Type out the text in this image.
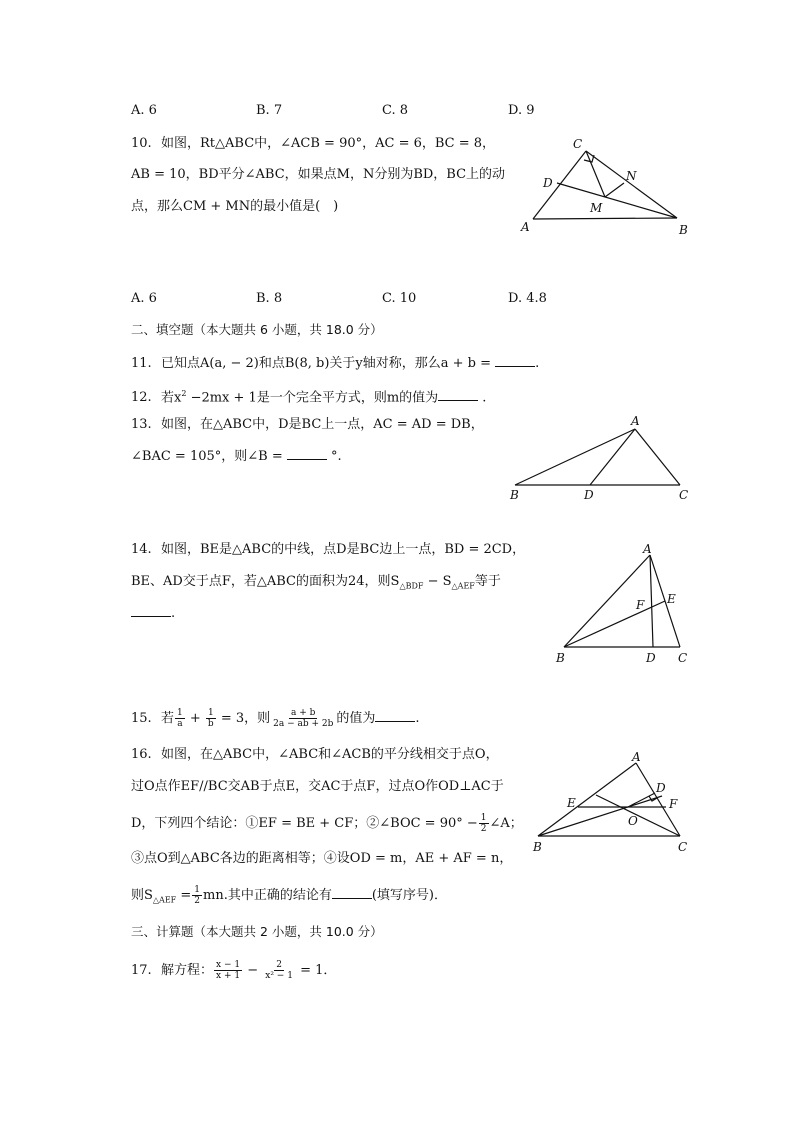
A. 6	B. 7	C. 8	D. 9
10. 如图，Rt△ABC中，∠ACB = 90°，AC = 6，BC = 8，
AB = 10，BD平分∠ABC，如果点M，N分别为BD，BC上的动
点，那么CM + MN的最小值是(　)
C
D	N
M
A	B
A. 6	B. 8	C. 10	D. 4.8
二、填空题（本大题共 6 小题，共 18.0 分）
11. 已知点A(a, − 2)和点B(8, b)关于y轴对称，那么a + b =	.
12. 若$x^2 -2mx + 1$是一个完全平方式，则m的值为	.
13. 如图，在△ABC中，D是BC上一点，AC = AD = DB，
∠BAC = 105°，则∠B =	°.
A
B	D	C
14. 如图，BE是△ABC的中线，点D是BC边上一点，BD = 2CD，
BE、AD交于点F，若△ABC的面积为24，则$S_{\triangle BDF} - S_{\triangle AEF}$等于
.
A
E
F
B	D C
15. 若 $\frac{1}{a} + \frac{1}{b} = 3$，则 $\frac{a + b}{2a - ab + 2b}$ 的值为	.
16. 如图，在△ABC中，∠ABC和∠ACB的平分线相交于点O，
过O点作EF//BC交AB于点E，交AC于点F，过点O作OD⊥AC于
D，下列四个结论：①EF = BE + CF；②∠BOC = $90^\circ - \frac{1}{2}$ ∠A；
③点O到△ABC各边的距离相等；④设OD = m，AE + AF = n，
则$S_{\triangle AEF} = \frac{1}{2}$ mn.其中正确的结论有	(填写序号)．
A
D
E	F
O
B	C
三、计算题（本大题共 2 小题，共 10.0 分）
17. 解方程： $\frac{x - 1}{x + 1} - \frac{2}{\text{x² − 1}} = 1$．
